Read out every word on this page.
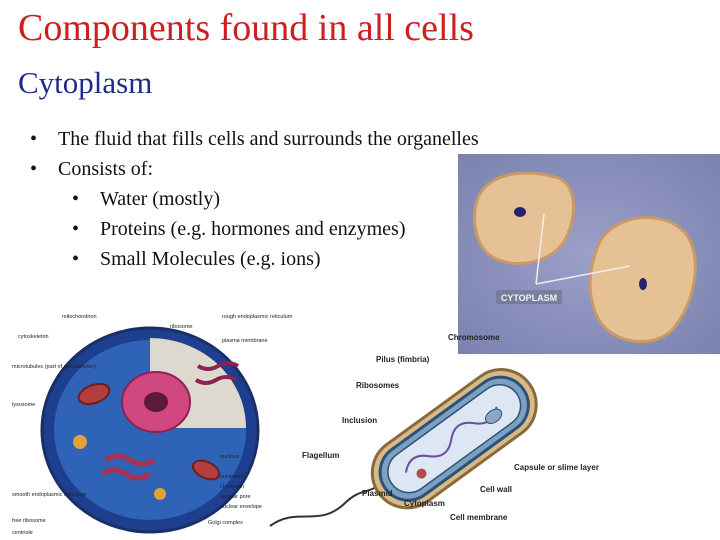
Components found in all cells
Cytoplasm
• The fluid that fills cells and surrounds the organelles
• Consists of:
• Water (mostly)
• Proteins (e.g. hormones and enzymes)
• Small Molecules (e.g. ions)
CYTOPLASM
mitochondrion
cytoskeleton
microtubules (part of cytoskeleton)
lysosome
smooth endoplasmic reticulum
free ribosome
centriole
ribosome
rough endoplasmic reticulum
plasma membrane
nucleus
nucleolus
chromatin
nuclear pore
nuclear envelope
Golgi complex
Chromosome
Pilus (fimbria)
Ribosomes
Inclusion
Flagellum
Capsule or slime layer
Cell wall
Plasmid
Cytoplasm
Cell membrane
